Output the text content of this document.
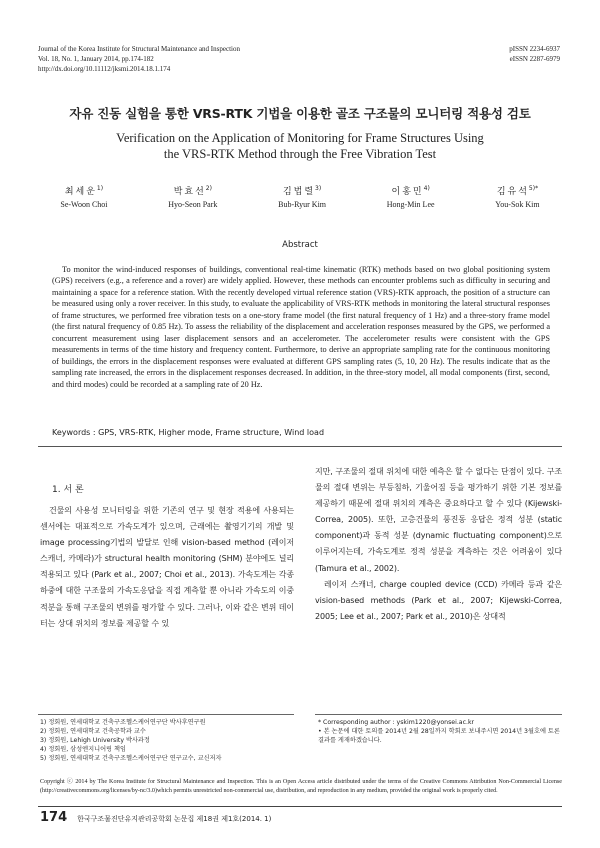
Journal of the Korea Institute for Structural Maintenance and Inspection
Vol. 18, No. 1, January 2014, pp.174-182
http://dx.doi.org/10.11112/jksmi.2014.18.1.174
pISSN 2234-6937
eISSN 2287-6979
자유 진동 실험을 통한 VRS-RTK 기법을 이용한 골조 구조물의 모니터링 적용성 검토
Verification on the Application of Monitoring for Frame Structures Using
the VRS-RTK Method through the Free Vibration Test
최세운$^{1)}$
Se-Woon Choi
박효선$^{2)}$
Hyo-Seon Park
김법렬$^{3)}$
Bub-Ryur Kim
이홍민$^{4)}$
Hong-Min Lee
김유석$^{5)*}$
You-Sok Kim
Abstract
To monitor the wind-induced responses of buildings, conventional real-time kinematic (RTK) methods based on two global positioning system (GPS) receivers (e.g., a reference and a rover) are widely applied. However, these methods can encounter problems such as difficulty in securing and maintaining a space for a reference station. With the recently developed virtual reference station (VRS)-RTK approach, the position of a structure can be measured using only a rover receiver. In this study, to evaluate the applicability of VRS-RTK methods in monitoring the lateral structural responses of frame structures, we performed free vibration tests on a one-story frame model (the first natural frequency of 1 Hz) and a three-story frame model (the first natural frequency of 0.85 Hz). To assess the reliability of the displacement and acceleration responses measured by the GPS, we performed a concurrent measurement using laser displacement sensors and an accelerometer. The accelerometer results were consistent with the GPS measurements in terms of the time history and frequency content. Furthermore, to derive an appropriate sampling rate for the continuous monitoring of buildings, the errors in the displacement responses were evaluated at different GPS sampling rates (5, 10, 20 Hz). The results indicate that as the sampling rate increased, the errors in the displacement responses decreased. In addition, in the three-story model, all modal components (first, second, and third modes) could be recorded at a sampling rate of 20 Hz.
Keywords : GPS, VRS-RTK, Higher mode, Frame structure, Wind load
1. 서 론

건물의 사용성 모니터링을 위한 기존의 연구 및 현장 적용에 사용되는 센서에는 대표적으로 가속도계가 있으며, 근래에는 촬영기기의 개발 및 image processing기법의 발달로 인해 vision-based method (레이저 스캐너, 카메라)가 structural health monitoring (SHM) 분야에도 널리 적용되고 있다 (Park et al., 2007; Choi et al., 2013). 가속도계는 각종 하중에 대한 구조물의 가속도응답을 직접 계측할 뿐 아니라 가속도의 이중적분을 통해 구조물의 변위를 평가할 수 있다. 그러나, 이와 같은 변위 데이터는 상대 위치의 정보를 제공할 수 있

지만, 구조물의 절대 위치에 대한 예측은 할 수 없다는 단점이 있다. 구조물의 절대 변위는 부등침하, 기울어짐 등을 평가하기 위한 기본 정보를 제공하기 때문에 절대 위치의 계측은 중요하다고 할 수 있다 (Kijewski-Correa, 2005). 또한, 고층건물의 풍진동 응답은 정적 성분 (static component)과 동적 성분 (dynamic fluctuating component)으로 이루어지는데, 가속도계로 정적 성분을 계측하는 것은 어려움이 있다 (Tamura et al., 2002).

레이저 스캐너, charge coupled device (CCD) 카메라 등과 같은 vision-based methods (Park et al., 2007; Kijewski-Correa, 2005; Lee et al., 2007; Park et al., 2010)은 상대적

1) 정회원, 연세대학교 건축구조헬스케어연구단 박사후연구원
2) 정회원, 연세대학교 건축공학과 교수
3) 정회원, Lehigh University 박사과정
4) 정회원, 삼성엔지니어링 책임
5) 정회원, 연세대학교 건축구조헬스케어연구단 연구교수, 교신저자
* Corresponding author : yskim1220@yonsei.ac.kr
• 본 논문에 대한 토의를 2014년 2월 28일까지 학회로 보내주시면 2014년 3월호에 토론결과를 게재하겠습니다.
Copyright ⓒ 2014 by The Korea Institute for Structural Maintenance and Inspection. This is an Open Access article distributed under the terms of the Creative Commons Attribution Non-Commercial License (http://creativecommons.org/licenses/by-nc/3.0)which permits unrestricted non-commercial use, distribution, and reproduction in any medium, provided the original work is properly cited.
174 한국구조물진단유지관리공학회 논문집 제18권 제1호(2014. 1)
